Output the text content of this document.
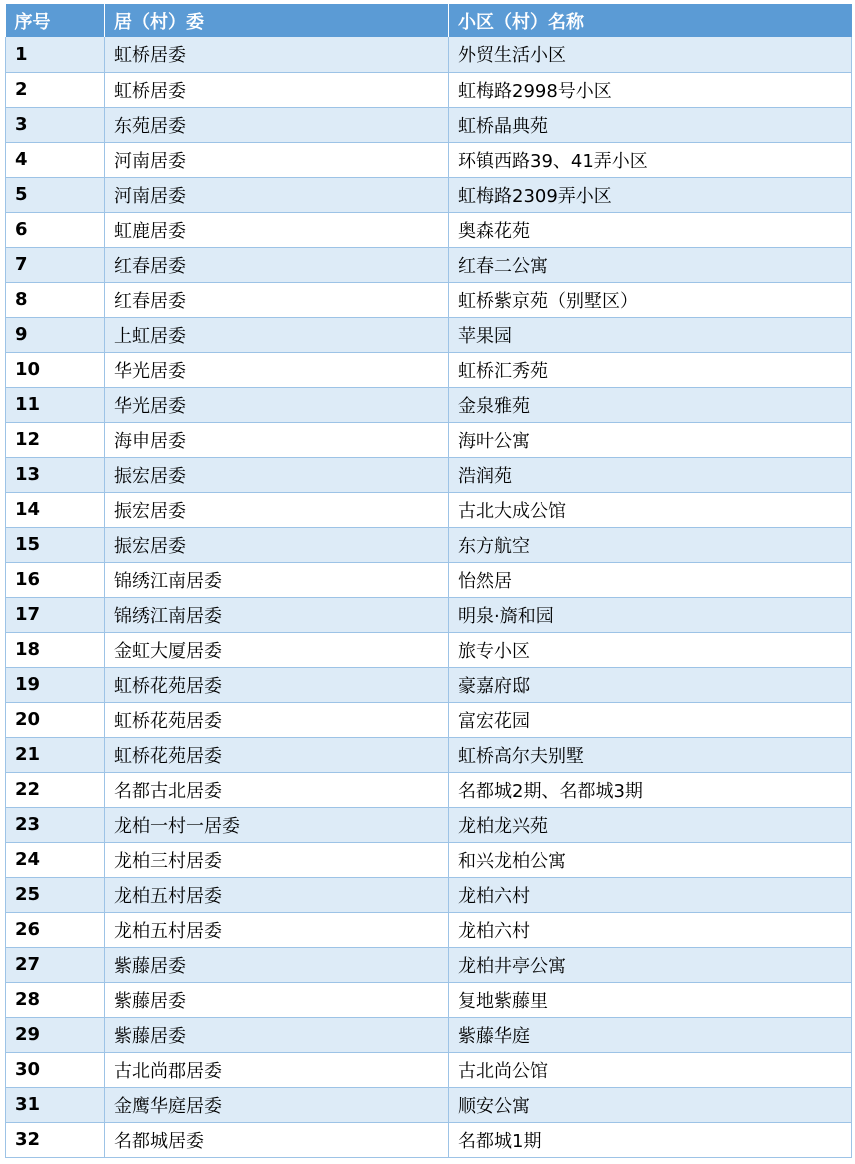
序号	居（村）委	小区（村）名称
1	虹桥居委	外贸生活小区
2	虹桥居委	虹梅路2998号小区
3	东苑居委	虹桥晶典苑
4	河南居委	环镇西路39、41弄小区
5	河南居委	虹梅路2309弄小区
6	虹鹿居委	奥森花苑
7	红春居委	红春二公寓
8	红春居委	虹桥紫京苑（别墅区）
9	上虹居委	苹果园
10	华光居委	虹桥汇秀苑
11	华光居委	金泉雅苑
12	海申居委	海叶公寓
13	振宏居委	浩润苑
14	振宏居委	古北大成公馆
15	振宏居委	东方航空
16	锦绣江南居委	怡然居
17	锦绣江南居委	明泉·旖和园
18	金虹大厦居委	旅专小区
19	虹桥花苑居委	豪嘉府邸
20	虹桥花苑居委	富宏花园
21	虹桥花苑居委	虹桥高尔夫别墅
22	名都古北居委	名都城2期、名都城3期
23	龙柏一村一居委	龙柏龙兴苑
24	龙柏三村居委	和兴龙柏公寓
25	龙柏五村居委	龙柏六村
26	龙柏五村居委	龙柏六村
27	紫藤居委	龙柏井亭公寓
28	紫藤居委	复地紫藤里
29	紫藤居委	紫藤华庭
30	古北尚郡居委	古北尚公馆
31	金鹰华庭居委	顺安公寓
32	名都城居委	名都城1期
